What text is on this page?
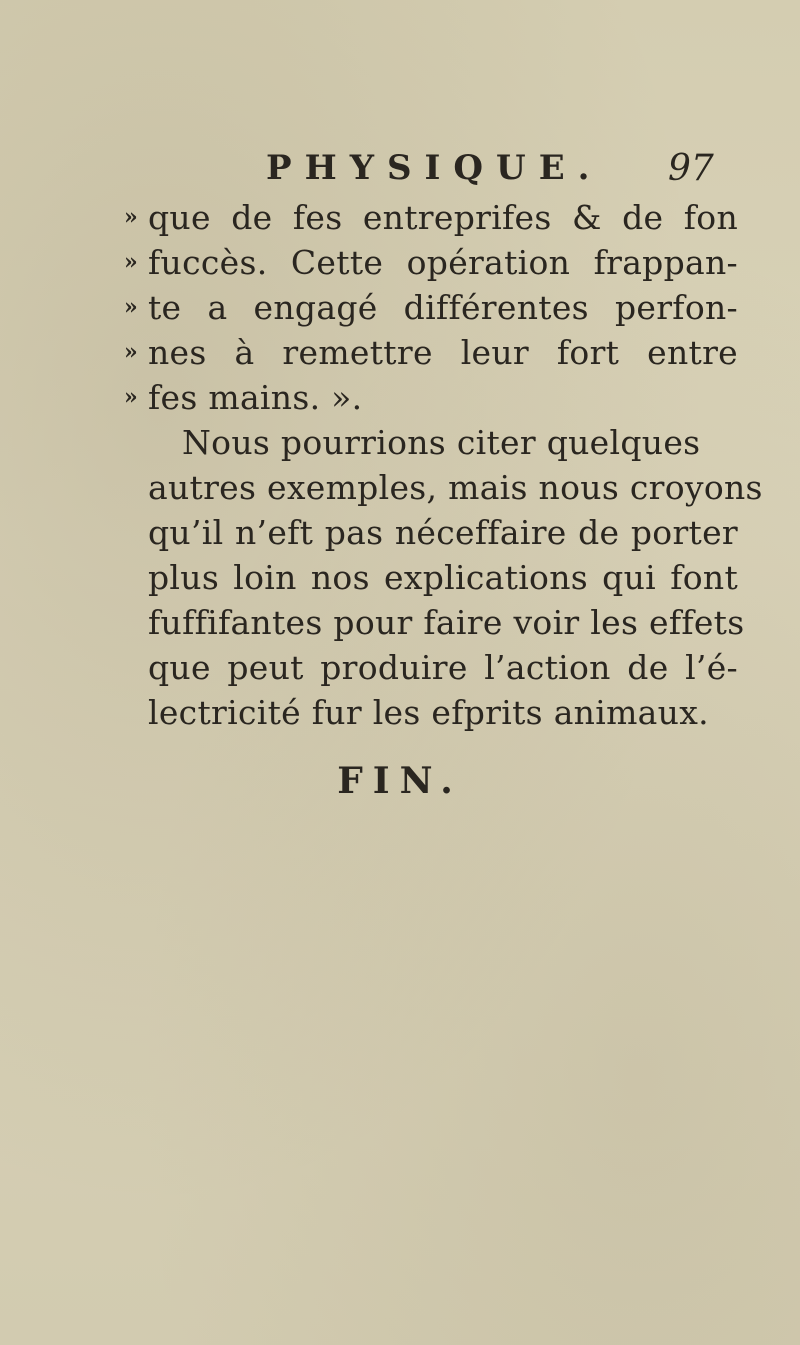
PHYSIQUE. 97
» que de fes entreprifes & de fon
» fuccès. Cette opération frappan-
» te a engagé différentes perfon-
» nes à remettre leur fort entre
» fes mains. ».
Nous pourrions citer quelques
autres exemples, mais nous croyons
qu’il n’eft pas néceffaire de porter
plus loin nos explications qui font
fuffifantes pour faire voir les effets
que peut produire l’action de l’é-
lectricité fur les efprits animaux.
FIN.
